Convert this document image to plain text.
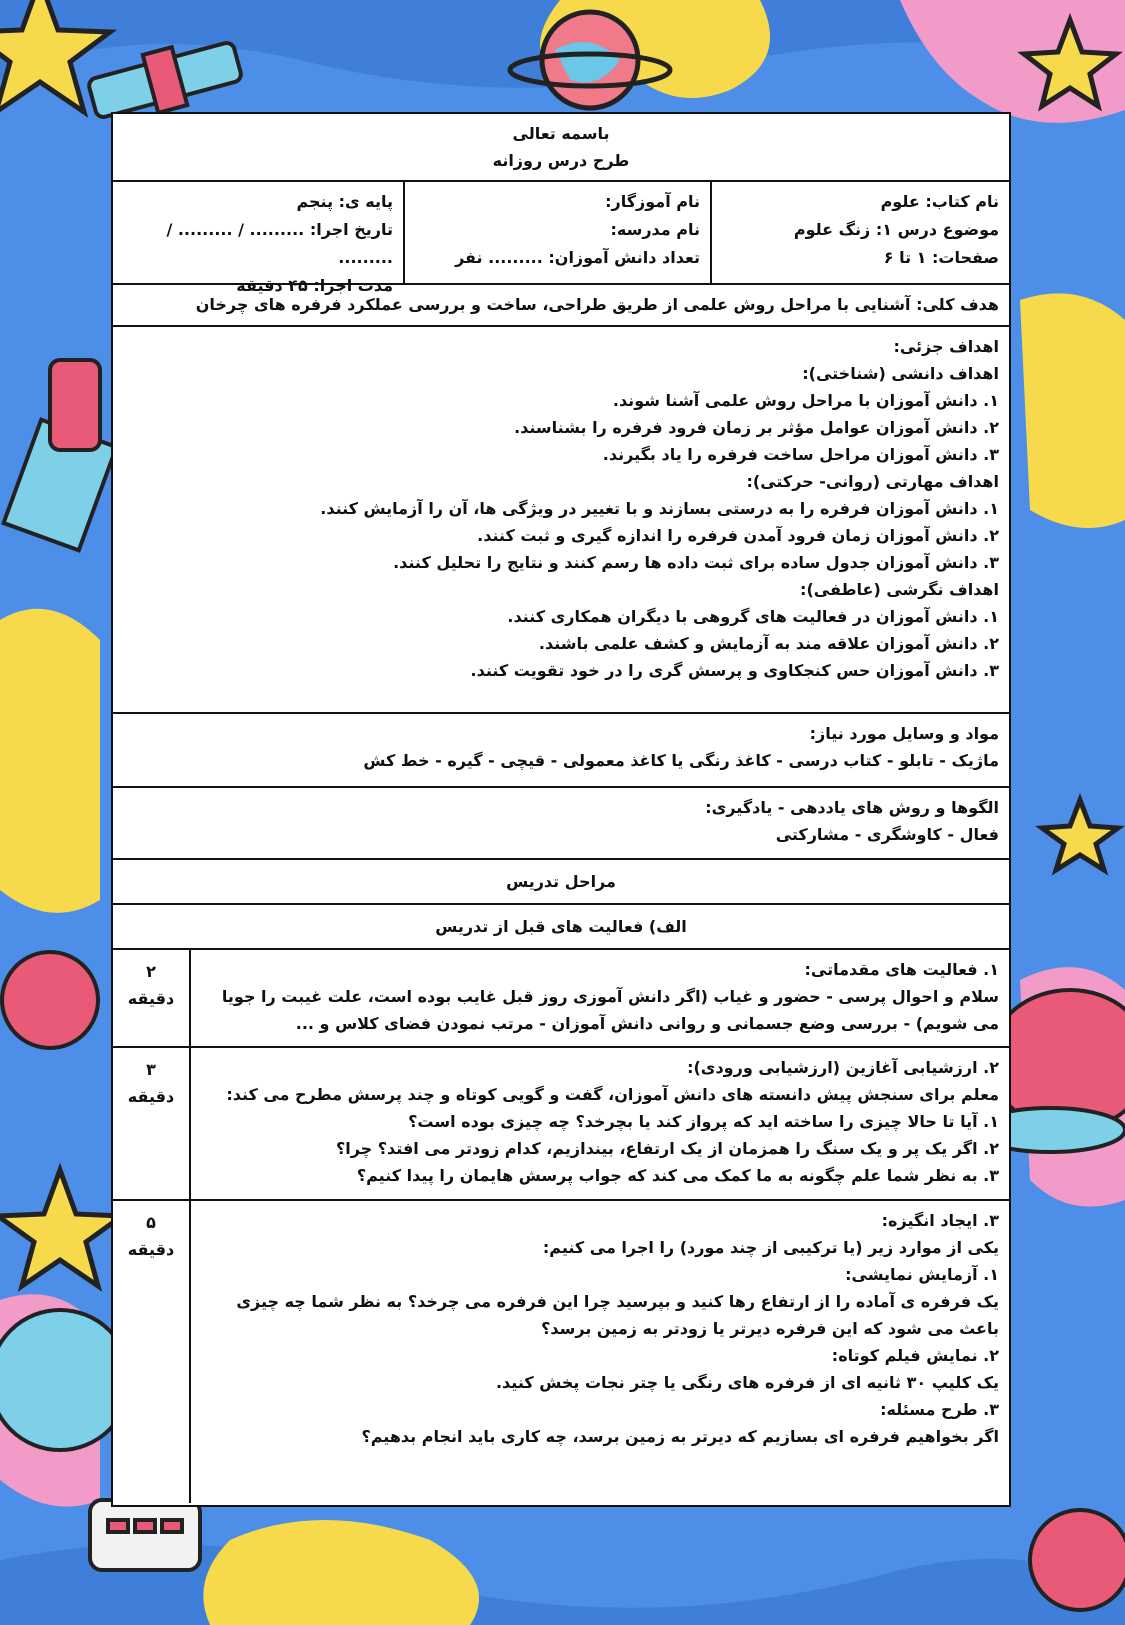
باسمه تعالی
طرح درس روزانه
نام کتاب: علوم
موضوع درس ۱: زنگ علوم
صفحات: ۱ تا ۶
نام آموزگار:
نام مدرسه:
تعداد دانش آموزان: ......... نفر
پایه ی: پنجم
تاریخ اجرا: ......... / ......... / .........
مدت اجرا: ۴۵ دقیقه
هدف کلی: آشنایی با مراحل روش علمی از طریق طراحی، ساخت و بررسی عملکرد فرفره های چرخان
اهداف جزئی:
اهداف دانشی (شناختی):
۱. دانش آموزان با مراحل روش علمی آشنا شوند.
۲. دانش آموزان عوامل مؤثر بر زمان فرود فرفره را بشناسند.
۳. دانش آموزان مراحل ساخت فرفره را یاد بگیرند.
اهداف مهارتی (روانی- حرکتی):
۱. دانش آموزان فرفره را به درستی بسازند و با تغییر در ویژگی ها، آن را آزمایش کنند.
۲. دانش آموزان زمان فرود آمدن فرفره را اندازه گیری و ثبت کنند.
۳. دانش آموزان جدول ساده برای ثبت داده ها رسم کنند و نتایج را تحلیل کنند.
اهداف نگرشی (عاطفی):
۱. دانش آموزان در فعالیت های گروهی با دیگران همکاری کنند.
۲. دانش آموزان علاقه مند به آزمایش و کشف علمی باشند.
۳. دانش آموزان حس کنجکاوی و پرسش گری را در خود تقویت کنند.
مواد و وسایل مورد نیاز:
ماژیک - تابلو - کتاب درسی - کاغذ رنگی یا کاغذ معمولی - قیچی - گیره - خط کش
الگوها و روش های یاددهی - یادگیری:
فعال - کاوشگری - مشارکتی
مراحل تدریس
الف) فعالیت های قبل از تدریس
۱. فعالیت های مقدماتی:
سلام و احوال پرسی - حضور و غیاب (اگر دانش آموزی روز قبل غایب بوده است، علت غیبت را جویا
می شویم) - بررسی وضع جسمانی و روانی دانش آموزان - مرتب نمودن فضای کلاس و ...
۲
دقیقه
۲. ارزشیابی آغازین (ارزشیابی ورودی):
معلم برای سنجش پیش دانسته های دانش آموزان، گفت و گویی کوتاه و چند پرسش مطرح می کند:
۱. آیا تا حالا چیزی را ساخته اید که پرواز کند یا بچرخد؟ چه چیزی بوده است؟
۲. اگر یک پر و یک سنگ را همزمان از یک ارتفاع، بیندازیم، کدام زودتر می افتد؟ چرا؟
۳. به نظر شما علم چگونه به ما کمک می کند که جواب پرسش هایمان را پیدا کنیم؟
۳
دقیقه
۳. ایجاد انگیزه:
یکی از موارد زیر (یا ترکیبی از چند مورد) را اجرا می کنیم:
۱. آزمایش نمایشی:
یک فرفره ی آماده را از ارتفاع رها کنید و بپرسید چرا این فرفره می چرخد؟ به نظر شما چه چیزی
باعث می شود که این فرفره دیرتر یا زودتر به زمین برسد؟
۲. نمایش فیلم کوتاه:
یک کلیپ ۳۰ ثانیه ای از فرفره های رنگی یا چتر نجات پخش کنید.
۳. طرح مسئله:
اگر بخواهیم فرفره ای بسازیم که دیرتر به زمین برسد، چه کاری باید انجام بدهیم؟
۵
دقیقه
